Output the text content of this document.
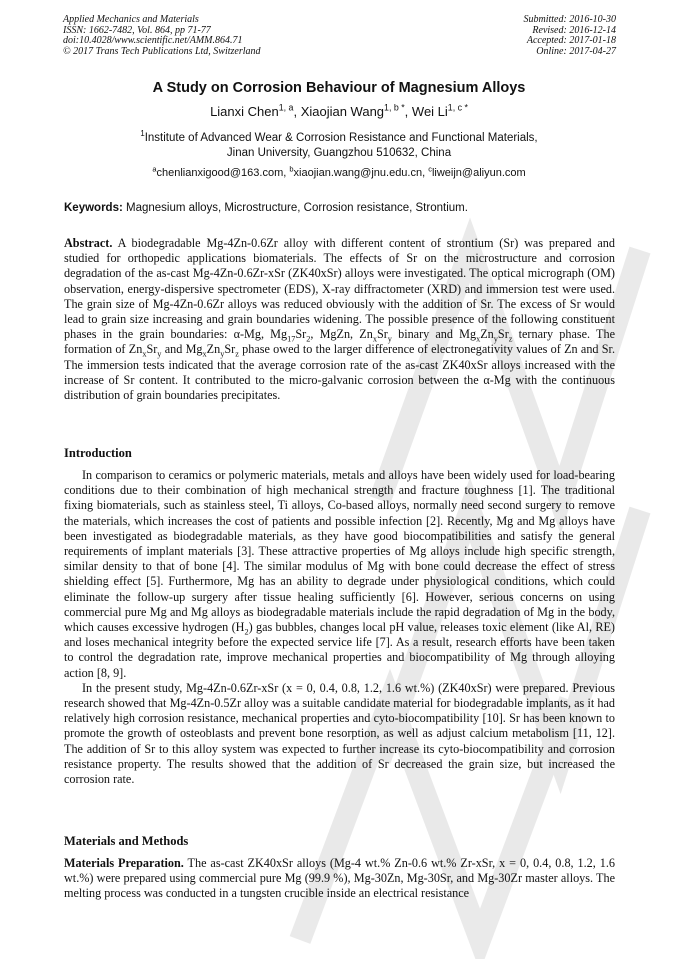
Applied Mechanics and Materials
ISSN: 1662-7482, Vol. 864, pp 71-77
doi:10.4028/www.scientific.net/AMM.864.71
© 2017 Trans Tech Publications Ltd, Switzerland
Submitted: 2016-10-30
Revised: 2016-12-14
Accepted: 2017-01-18
Online: 2017-04-27
A Study on Corrosion Behaviour of Magnesium Alloys
Lianxi Chen$^{1, a}$, Xiaojian Wang$^{1, b *}$, Wei $Li^{1, c *}$
$^1$Institute of Advanced Wear & Corrosion Resistance and Functional Materials,
Jinan University, Guangzhou 510632, China
$^a$chenlianxigood@163.com, $^b$xiaojian.wang@jnu.edu.cn, $^c$liweijn@aliyun.com
Keywords: Magnesium alloys, Microstructure, Corrosion resistance, Strontium.

Abstract. A biodegradable Mg-4Zn-0.6Zr alloy with different content of strontium (Sr) was prepared and studied for orthopedic applications biomaterials. The effects of Sr on the microstructure and corrosion degradation of the as-cast Mg-4Zn-0.6Zr-xSr (ZK40xSr) alloys were investigated. The optical micrograph (OM) observation, energy-dispersive spectrometer (EDS), X-ray diffractometer (XRD) and immersion test were used. The grain size of Mg-4Zn-0.6Zr alloys was reduced obviously with the addition of Sr. The excess of Sr would lead to grain size increasing and grain boundaries widening. The possible presence of the following constituent phases in the grain boundaries: α-Mg, $Mg_{17}Sr_2$, MgZn, $Zn_xSr_y$ binary and $Mg_xZn_ySr_z$ ternary phase. The formation of $Zn_xSr_y$ and $Mg_xZn_ySr_z$ phase owed to the larger difference of electronegativity values of Zn and Sr. The immersion tests indicated that the average corrosion rate of the as-cast ZK40xSr alloys increased with the increase of Sr content. It contributed to the micro-galvanic corrosion between the α-Mg with the continuous distribution of grain boundaries precipitates.

Introduction

In comparison to ceramics or polymeric materials, metals and alloys have been widely used for load-bearing conditions due to their combination of high mechanical strength and fracture toughness [1]. The traditional fixing biomaterials, such as stainless steel, Ti alloys, Co-based alloys, normally need second surgery to remove the materials, which increases the cost of patients and possible infection [2]. Recently, Mg and Mg alloys have been investigated as biodegradable materials, as they have good biocompatibilities and satisfy the general requirements of implant materials [3]. These attractive properties of Mg alloys include high specific strength, similar density to that of bone [4]. The similar modulus of Mg with bone could decrease the effect of stress shielding effect [5]. Furthermore, Mg has an ability to degrade under physiological conditions, which could eliminate the follow-up surgery after tissue healing sufficiently [6]. However, serious concerns on using commercial pure Mg and Mg alloys as biodegradable materials include the rapid degradation of Mg in the body, which causes excessive hydrogen $(H_2)$ gas bubbles, changes local pH value, releases toxic element (like Al, RE) and loses mechanical integrity before the expected service life [7]. As a result, research efforts have been taken to control the degradation rate, improve mechanical properties and biocompatibility of Mg through alloying action [8, 9].

In the present study, Mg-4Zn-0.6Zr-xSr (x = 0, 0.4, 0.8, 1.2, 1.6 wt.%) (ZK40xSr) were prepared. Previous research showed that Mg-4Zn-0.5Zr alloy was a suitable candidate material for biodegradable implants, as it had relatively high corrosion resistance, mechanical properties and cyto-biocompatibility [10]. Sr has been known to promote the growth of osteoblasts and prevent bone resorption, as well as adjust calcium metabolism [11, 12]. The addition of Sr to this alloy system was expected to further increase its cyto-biocompatibility and corrosion resistance property. The results showed that the addition of Sr decreased the grain size, but increased the corrosion rate.

Materials and Methods

Materials Preparation. The as-cast ZK40xSr alloys (Mg-4 wt.% Zn-0.6 wt.% Zr-xSr, x = 0, 0.4, 0.8, 1.2, 1.6 wt.%) were prepared using commercial pure Mg (99.9 %), Mg-30Zn, Mg-30Sr, and Mg-30Zr master alloys. The melting process was conducted in a tungsten crucible inside an electrical resistance
